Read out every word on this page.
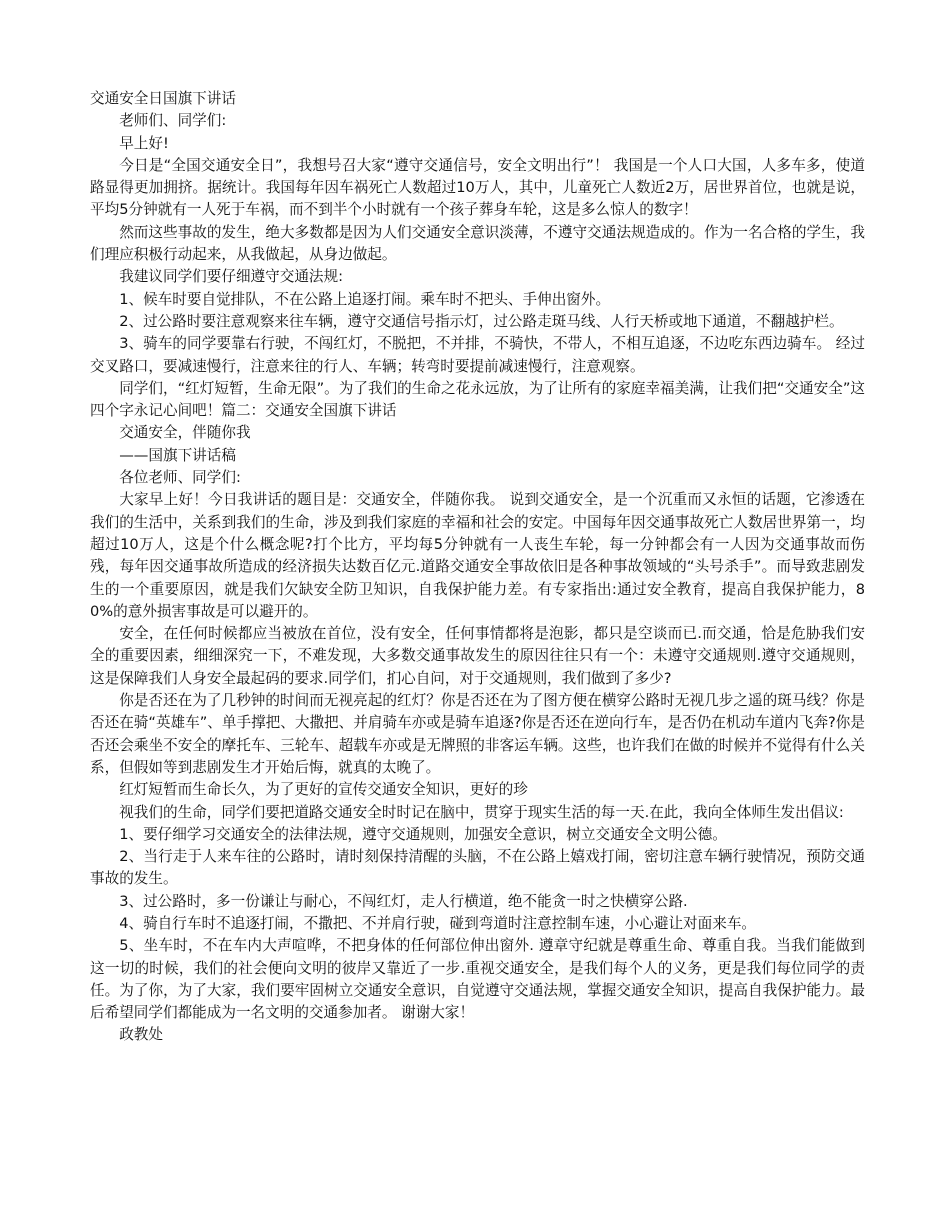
交通安全日国旗下讲话

老师们、同学们:

早上好!

今日是“全国交通安全日”，我想号召大家“遵守交通信号，安全文明出行”！ 我国是一个人口大国，人多车多，使道路显得更加拥挤。据统计。我国每年因车祸死亡人数超过10万人，其中，儿童死亡人数近2万，居世界首位，也就是说，平均5分钟就有一人死于车祸，而不到半个小时就有一个孩子葬身车轮，这是多么惊人的数字！

然而这些事故的发生，绝大多数都是因为人们交通安全意识淡薄，不遵守交通法规造成的。作为一名合格的学生，我们理应积极行动起来，从我做起，从身边做起。

我建议同学们要仔细遵守交通法规:

1、候车时要自觉排队，不在公路上追逐打闹。乘车时不把头、手伸出窗外。

2、过公路时要注意观察来往车辆，遵守交通信号指示灯，过公路走斑马线、人行天桥或地下通道，不翻越护栏。

3、骑车的同学要靠右行驶，不闯红灯，不脱把，不并排，不骑快，不带人，不相互追逐，不边吃东西边骑车。 经过交叉路口，要减速慢行，注意来往的行人、车辆；转弯时要提前减速慢行，注意观察。

同学们，“红灯短暂，生命无限”。为了我们的生命之花永远放，为了让所有的家庭幸福美满，让我们把“交通安全”这四个字永记心间吧！篇二：交通安全国旗下讲话

交通安全，伴随你我

——国旗下讲话稿

各位老师、同学们:

大家早上好！今日我讲话的题目是：交通安全，伴随你我。 说到交通安全，是一个沉重而又永恒的话题，它渗透在我们的生活中，关系到我们的生命，涉及到我们家庭的幸福和社会的安定。中国每年因交通事故死亡人数居世界第一，均超过10万人，这是个什么概念呢?打个比方，平均每5分钟就有一人丧生车轮，每一分钟都会有一人因为交通事故而伤残，每年因交通事故所造成的经济损失达数百亿元.道路交通安全事故依旧是各种事故领域的“头号杀手”。而导致悲剧发生的一个重要原因，就是我们欠缺安全防卫知识，自我保护能力差。有专家指出:通过安全教育，提高自我保护能力，80%的意外损害事故是可以避开的。

安全，在任何时候都应当被放在首位，没有安全，任何事情都将是泡影，都只是空谈而已.而交通，恰是危胁我们安全的重要因素，细细深究一下，不难发现，大多数交通事故发生的原因往往只有一个：未遵守交通规则.遵守交通规则，这是保障我们人身安全最起码的要求.同学们，扪心自问，对于交通规则，我们做到了多少?

你是否还在为了几秒钟的时间而无视亮起的红灯？你是否还在为了图方便在横穿公路时无视几步之遥的斑马线？你是否还在骑“英雄车”、单手撑把、大撒把、并肩骑车亦或是骑车追逐?你是否还在逆向行车，是否仍在机动车道内飞奔?你是否还会乘坐不安全的摩托车、三轮车、超载车亦或是无牌照的非客运车辆。这些，也许我们在做的时候并不觉得有什么关系，但假如等到悲剧发生才开始后悔，就真的太晚了。

红灯短暂而生命长久，为了更好的宣传交通安全知识，更好的珍

视我们的生命，同学们要把道路交通安全时时记在脑中，贯穿于现实生活的每一天.在此，我向全体师生发出倡议:

1、要仔细学习交通安全的法律法规，遵守交通规则，加强安全意识，树立交通安全文明公德。

2、当行走于人来车往的公路时，请时刻保持清醒的头脑，不在公路上嬉戏打闹，密切注意车辆行驶情况，预防交通事故的发生。

3、过公路时，多一份谦让与耐心，不闯红灯，走人行横道，绝不能贪一时之快横穿公路.

4、骑自行车时不追逐打闹，不撒把、不并肩行驶，碰到弯道时注意控制车速，小心避让对面来车。

5、坐车时，不在车内大声喧哗，不把身体的任何部位伸出窗外. 遵章守纪就是尊重生命、尊重自我。当我们能做到这一切的时候，我们的社会便向文明的彼岸又靠近了一步.重视交通安全，是我们每个人的义务，更是我们每位同学的责任。为了你，为了大家，我们要牢固树立交通安全意识，自觉遵守交通法规，掌握交通安全知识，提高自我保护能力。最后希望同学们都能成为一名文明的交通参加者。 谢谢大家！

政教处
